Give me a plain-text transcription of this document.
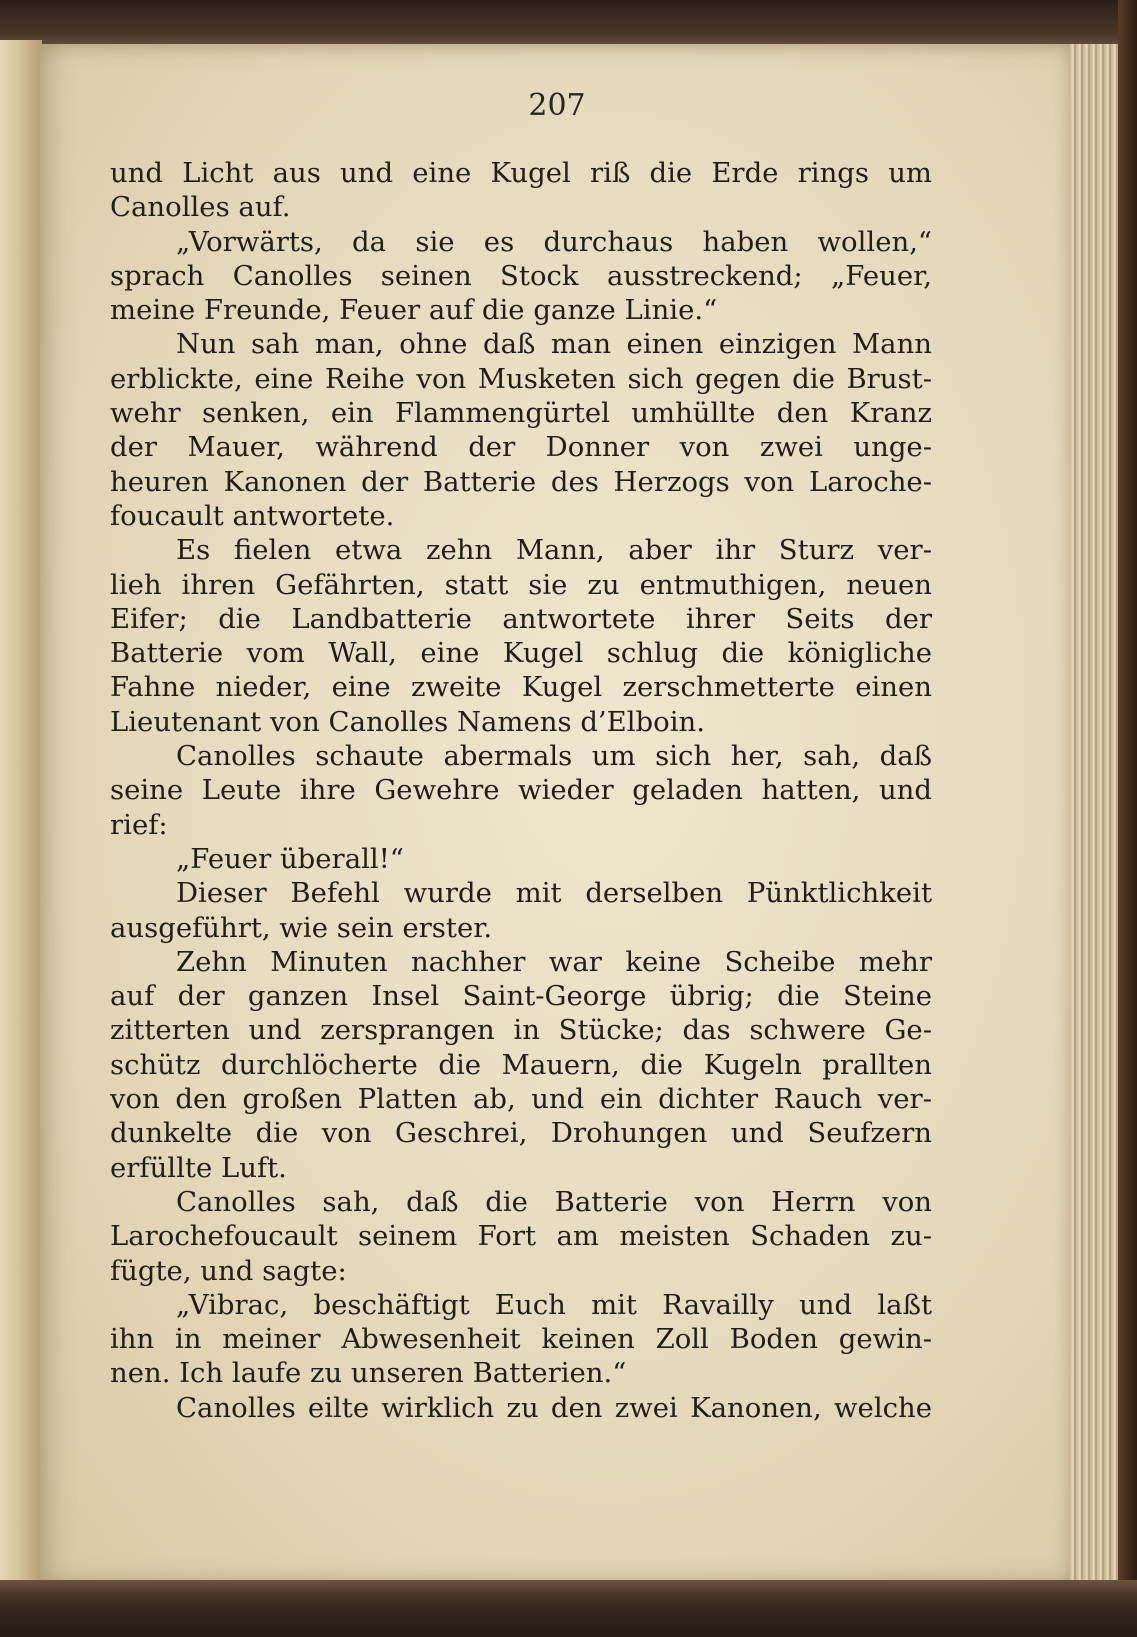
207
und Licht aus und eine Kugel riß die Erde rings um
Canolles auf.
„Vorwärts, da sie es durchaus haben wollen,“
sprach Canolles seinen Stock ausstreckend; „Feuer,
meine Freunde, Feuer auf die ganze Linie.“
Nun sah man, ohne daß man einen einzigen Mann
erblickte, eine Reihe von Musketen sich gegen die Brust-
wehr senken, ein Flammengürtel umhüllte den Kranz
der Mauer, während der Donner von zwei unge-
heuren Kanonen der Batterie des Herzogs von Laroche-
foucault antwortete.
Es fielen etwa zehn Mann, aber ihr Sturz ver-
lieh ihren Gefährten, statt sie zu entmuthigen, neuen
Eifer; die Landbatterie antwortete ihrer Seits der
Batterie vom Wall, eine Kugel schlug die königliche
Fahne nieder, eine zweite Kugel zerschmetterte einen
Lieutenant von Canolles Namens d’Elboin.
Canolles schaute abermals um sich her, sah, daß
seine Leute ihre Gewehre wieder geladen hatten, und
rief:
„Feuer überall!“
Dieser Befehl wurde mit derselben Pünktlichkeit
ausgeführt, wie sein erster.
Zehn Minuten nachher war keine Scheibe mehr
auf der ganzen Insel Saint-George übrig; die Steine
zitterten und zersprangen in Stücke; das schwere Ge-
schütz durchlöcherte die Mauern, die Kugeln prallten
von den großen Platten ab, und ein dichter Rauch ver-
dunkelte die von Geschrei, Drohungen und Seufzern
erfüllte Luft.
Canolles sah, daß die Batterie von Herrn von
Larochefoucault seinem Fort am meisten Schaden zu-
fügte, und sagte:
„Vibrac, beschäftigt Euch mit Ravailly und laßt
ihn in meiner Abwesenheit keinen Zoll Boden gewin-
nen. Ich laufe zu unseren Batterien.“
Canolles eilte wirklich zu den zwei Kanonen, welche
